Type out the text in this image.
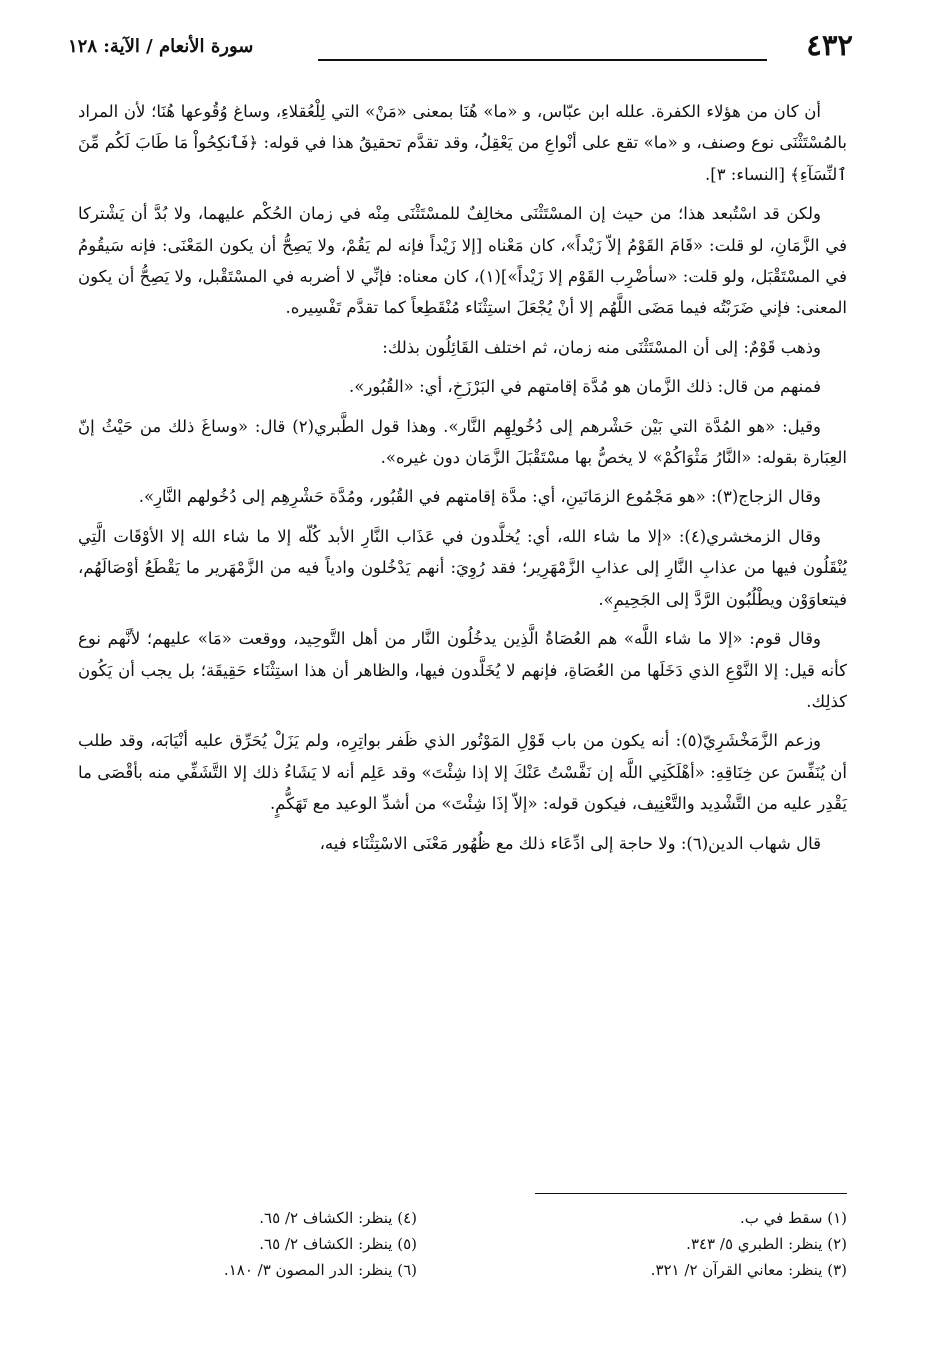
٤٣٢
سورة الأنعام / الآية: ١٢٨

أن كان من هؤلاء الكفرة. علله ابن عبّاس، و «ما» هُنَا بمعنى «مَنْ» التي لِلْعُقلاءِ، وساغ وُقُوعها هُنَا؛ لأن المراد بالمُسْتَثْنَى نوع وصنف، و «ما» تقع على أنْواعِ من يَعْقِلُ، وقد تقدَّم تحقيقُ هذا في قوله: ﴿فَٱنكِحُواْ مَا طَابَ لَكُم مِّنَ ٱلنِّسَآءِ﴾ [النساء: ٣].

ولكن قد اسْتُبعد هذا؛ من حيث إن المسْتَثْنَى مخالِفٌ للمسْتَثْنَى مِنْه في زمان الحُكْم عليهما، ولا بُدَّ أن يَشْتركا في الزَّمَانِ، لو قلت: «قَامَ القَوْمُ إلاّ زَيْداً»، كان مَعْناه [إلا زَيْداً فإنه لم يَقُمْ، ولا يَصِحُّ أن يكون المَعْنَى: فإنه سَيقُومُ في المسْتَقْبَل، ولو قلت: «سأضْرِب القَوْم إلا زَيْداً»](١)، كان معناه: فإنِّي لا أضربه في المسْتَقْبل، ولا يَصِحُّ أن يكون المعنى: فإني ضَرَبْتُه فيما مَضَى اللَّهُم إلا أنْ يُجْعَلَ استِثْنَاء مُنْقَطِعاً كما تقدَّم تَفْسِيره.

وذهب قَوْمٌ: إلى أن المسْتَثْنَى منه زمان، ثم اختلف القَائِلُون بذلك:

فمنهم من قال: ذلك الزَّمان هو مُدَّة إقامتهم في البَرْزَخِ، أي: «القُبُور».

وقيل: «هو المُدَّة التي بَيْن حَشْرهم إلى دُخُولِهِم النَّار». وهذا قول الطَّبري(٢) قال: «وساغَ ذلك من حَيْثُ إنّ العِبَارة بقوله: «النَّارُ مَثْوَاكُمْ» لا يخصُّ بها مسْتَقْبَلَ الزَّمَان دون غيره».

وقال الزجاج(٣): «هو مَجْمُوع الزمَانَينِ، أي: مدَّة إقامتهم في القُبُور، ومُدَّة حَشْرِهِم إلى دُخُولهم النَّارِ».

وقال الزمخشري(٤): «إلا ما شاء الله، أي: يُخلَّدون في عَذَاب النَّارِ الأبد كُلّه إلا ما شاء الله إلا الأوْقَات الَّتِي يُنْقَلُون فيها من عذابِ النَّارِ إلى عذابِ الزَّمْهَرِير؛ فقد رُوِيَ: أنهم يَدْخُلون وادياً فيه من الزَّمْهَرير ما يَقْطَعُ أوْصَالَهُم، فيتعاوَوْن ويطْلُبُون الرَّدَّ إلى الجَحِيمِ».

وقال قوم: «إلا ما شاء اللَّه» هم العُصَاةُ الَّذِين يدخُلُون النَّار من أهل التَّوحِيد، ووقعت «مَا» عليهم؛ لأنَّهم نوع كأنه قيل: إلا النَّوْعِ الذي دَخَلَها من العُصَاةِ، فإنهم لا يُخَلَّدون فيها، والظاهر أن هذا استِثْنَاء حَقِيقَة؛ بل يجب أن يَكُون كذلِك.

وزعم الزَّمَخْشَرِيّ(٥): أنه يكون من باب قَوْلِ المَوْتُور الذي ظَفر بواتِرِه، ولم يَزَلْ يُحَرِّق عليه أنْيَابَه، وقد طلب أن يُنَفِّسَ عن خِنَاقِهِ: «أهْلَكَنِي اللَّه إن نَفَّسْتُ عَنْكَ إلا إذا شِئْتَ» وقد عَلِم أنه لا يَشَاءُ ذلك إلا التَّشَفِّي منه بأقْصَى ما يَقْدِر عليه من التَّشْدِيد والتَّعْنِيف، فيكون قوله: «إلاّ إذَا شِئْتَ» من أشدِّ الوعيد مع تَهَكُّمٍ.

قال شهاب الدين(٦): ولا حاجة إلى ادِّعَاء ذلك مع ظُهُور مَعْنَى الاسْتِثْنَاء فيه،

(١) سقط في ب.
(٢) ينظر: الطبري ٥/ ٣٤٣.
(٣) ينظر: معاني القرآن ٢/ ٣٢١.
(٤) ينظر: الكشاف ٢/ ٦٥.
(٥) ينظر: الكشاف ٢/ ٦٥.
(٦) ينظر: الدر المصون ٣/ ١٨٠.
